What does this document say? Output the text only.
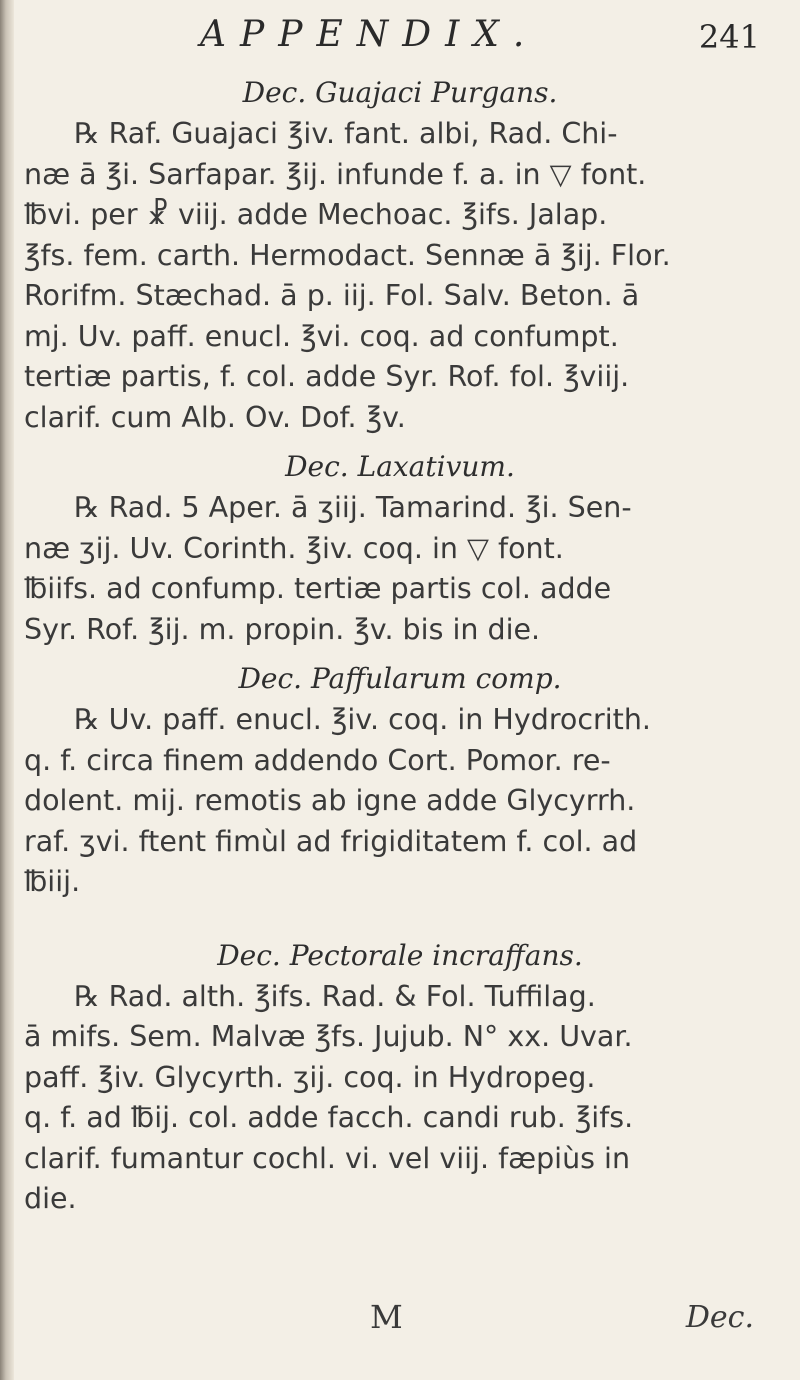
APPENDIX.	241
Dec. Guajaci Purgans.
℞ Raf. Guajaci ℥iv. fant. albi, Rad. Chi-
næ ā ℥i. Sarfapar. ℥ij. infunde f. a. in ▽ font.
℔vi. per ☧ viij. adde Mechoac. ℥ifs. Jalap.
℥fs. fem. carth. Hermodact. Sennæ ā ℥ij. Flor.
Rorifm. Stæchad. ā p. iij. Fol. Salv. Beton. ā
mj. Uv. paff. enucl. ℥vi. coq. ad confumpt.
tertiæ partis, f. col. adde Syr. Rof. fol. ℥viij.
clarif. cum Alb. Ov. Dof. ℥v.
Dec. Laxativum.
℞ Rad. 5 Aper. ā ʒiij. Tamarind. ℥i. Sen-
næ ʒij. Uv. Corinth. ℥iv. coq. in ▽ font.
℔iifs. ad confump. tertiæ partis col. adde
Syr. Rof. ℥ij. m. propin. ℥v. bis in die.
Dec. Paffularum comp.
℞ Uv. paff. enucl. ℥iv. coq. in Hydrocrith.
q. f. circa finem addendo Cort. Pomor. re-
dolent. mij. remotis ab igne adde Glycyrrh.
raf. ʒvi. ftent fimùl ad frigiditatem f. col. ad
℔iij.
Dec. Pectorale incraffans.
℞ Rad. alth. ℥ifs. Rad. & Fol. Tuffilag.
ā mifs. Sem. Malvæ ℥fs. Jujub. N° xx. Uvar.
paff. ℥iv. Glycyrth. ʒij. coq. in Hydropeg.
q. f. ad ℔ij. col. adde facch. candi rub. ℥ifs.
clarif. fumantur cochl. vi. vel viij. fæpiùs in
die.
M	Dec.
